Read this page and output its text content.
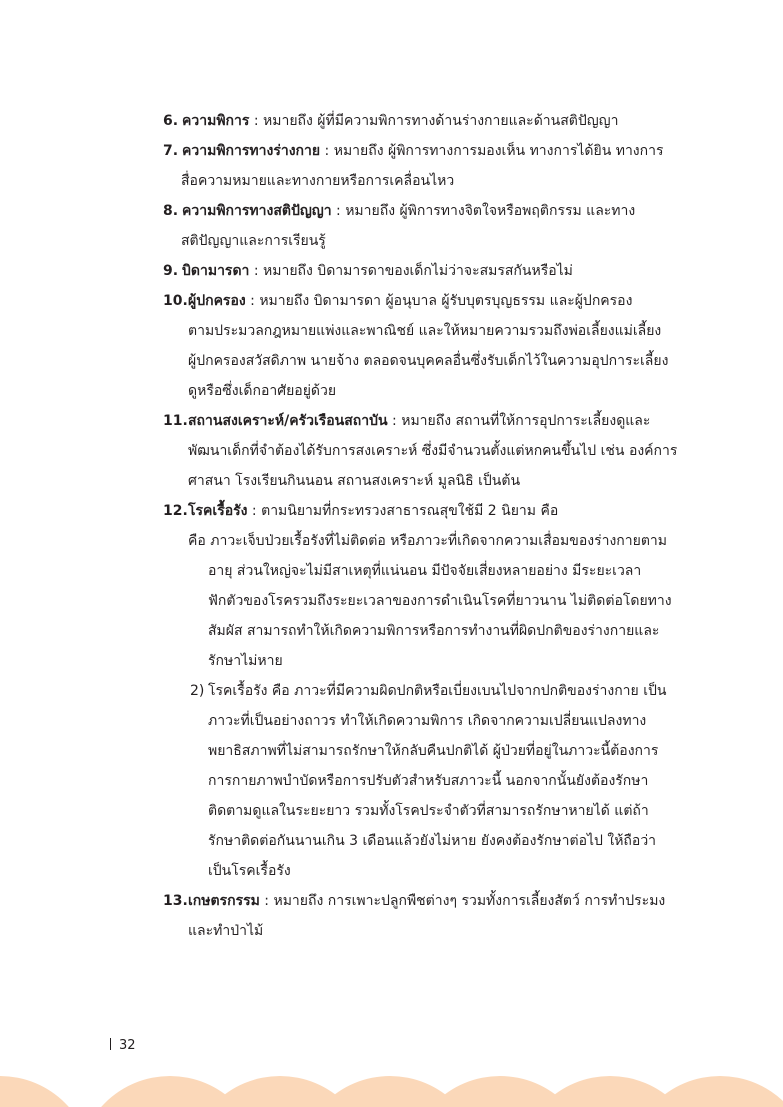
6. ความพิการ : หมายถึง ผู้ที่มีความพิการทางด้านร่างกายและด้านสติปัญญา
7. ความพิการทางร่างกาย : หมายถึง ผู้พิการทางการมองเห็น ทางการได้ยิน ทางการ
สื่อความหมายและทางกายหรือการเคลื่อนไหว
8. ความพิการทางสติปัญญา : หมายถึง ผู้พิการทางจิตใจหรือพฤติกรรม และทาง
สติปัญญาและการเรียนรู้
9. บิดามารดา : หมายถึง บิดามารดาของเด็กไม่ว่าจะสมรสกันหรือไม่
10. ผู้ปกครอง : หมายถึง บิดามารดา ผู้อนุบาล ผู้รับบุตรบุญธรรม และผู้ปกครอง
ตามประมวลกฎหมายแพ่งและพาณิชย์ และให้หมายความรวมถึงพ่อเลี้ยงแม่เลี้ยง
ผู้ปกครองสวัสดิภาพ นายจ้าง ตลอดจนบุคคลอื่นซึ่งรับเด็กไว้ในความอุปการะเลี้ยง
ดูหรือซึ่งเด็กอาศัยอยู่ด้วย
11. สถานสงเคราะห์/ครัวเรือนสถาบัน : หมายถึง สถานที่ให้การอุปการะเลี้ยงดูและ
พัฒนาเด็กที่จำต้องได้รับการสงเคราะห์ ซึ่งมีจำนวนตั้งแต่หกคนขึ้นไป เช่น องค์การ
ศาสนา โรงเรียนกินนอน สถานสงเคราะห์ มูลนิธิ เป็นต้น
12. โรคเรื้อรัง : ตามนิยามที่กระทรวงสาธารณสุขใช้มี 2 นิยาม คือ
คือ ภาวะเจ็บป่วยเรื้อรังที่ไม่ติดต่อ หรือภาวะที่เกิดจากความเสื่อมของร่างกายตาม
อายุ ส่วนใหญ่จะไม่มีสาเหตุที่แน่นอน มีปัจจัยเสี่ยงหลายอย่าง มีระยะเวลา
ฟักตัวของโรครวมถึงระยะเวลาของการดำเนินโรคที่ยาวนาน ไม่ติดต่อโดยทาง
สัมผัส สามารถทำให้เกิดความพิการหรือการทำงานที่ผิดปกติของร่างกายและ
รักษาไม่หาย
2) โรคเรื้อรัง คือ ภาวะที่มีความผิดปกติหรือเบี่ยงเบนไปจากปกติของร่างกาย เป็น
ภาวะที่เป็นอย่างถาวร ทำให้เกิดความพิการ เกิดจากความเปลี่ยนแปลงทาง
พยาธิสภาพที่ไม่สามารถรักษาให้กลับคืนปกติได้ ผู้ป่วยที่อยู่ในภาวะนี้ต้องการ
การกายภาพบำบัดหรือการปรับตัวสำหรับสภาวะนี้ นอกจากนั้นยังต้องรักษา
ติดตามดูแลในระยะยาว รวมทั้งโรคประจำตัวที่สามารถรักษาหายได้ แต่ถ้า
รักษาติดต่อกันนานเกิน 3 เดือนแล้วยังไม่หาย ยังคงต้องรักษาต่อไป ให้ถือว่า
เป็นโรคเรื้อรัง
13. เกษตรกรรม : หมายถึง การเพาะปลูกพืชต่างๆ รวมทั้งการเลี้ยงสัตว์ การทำประมง
และทำป่าไม้
32
